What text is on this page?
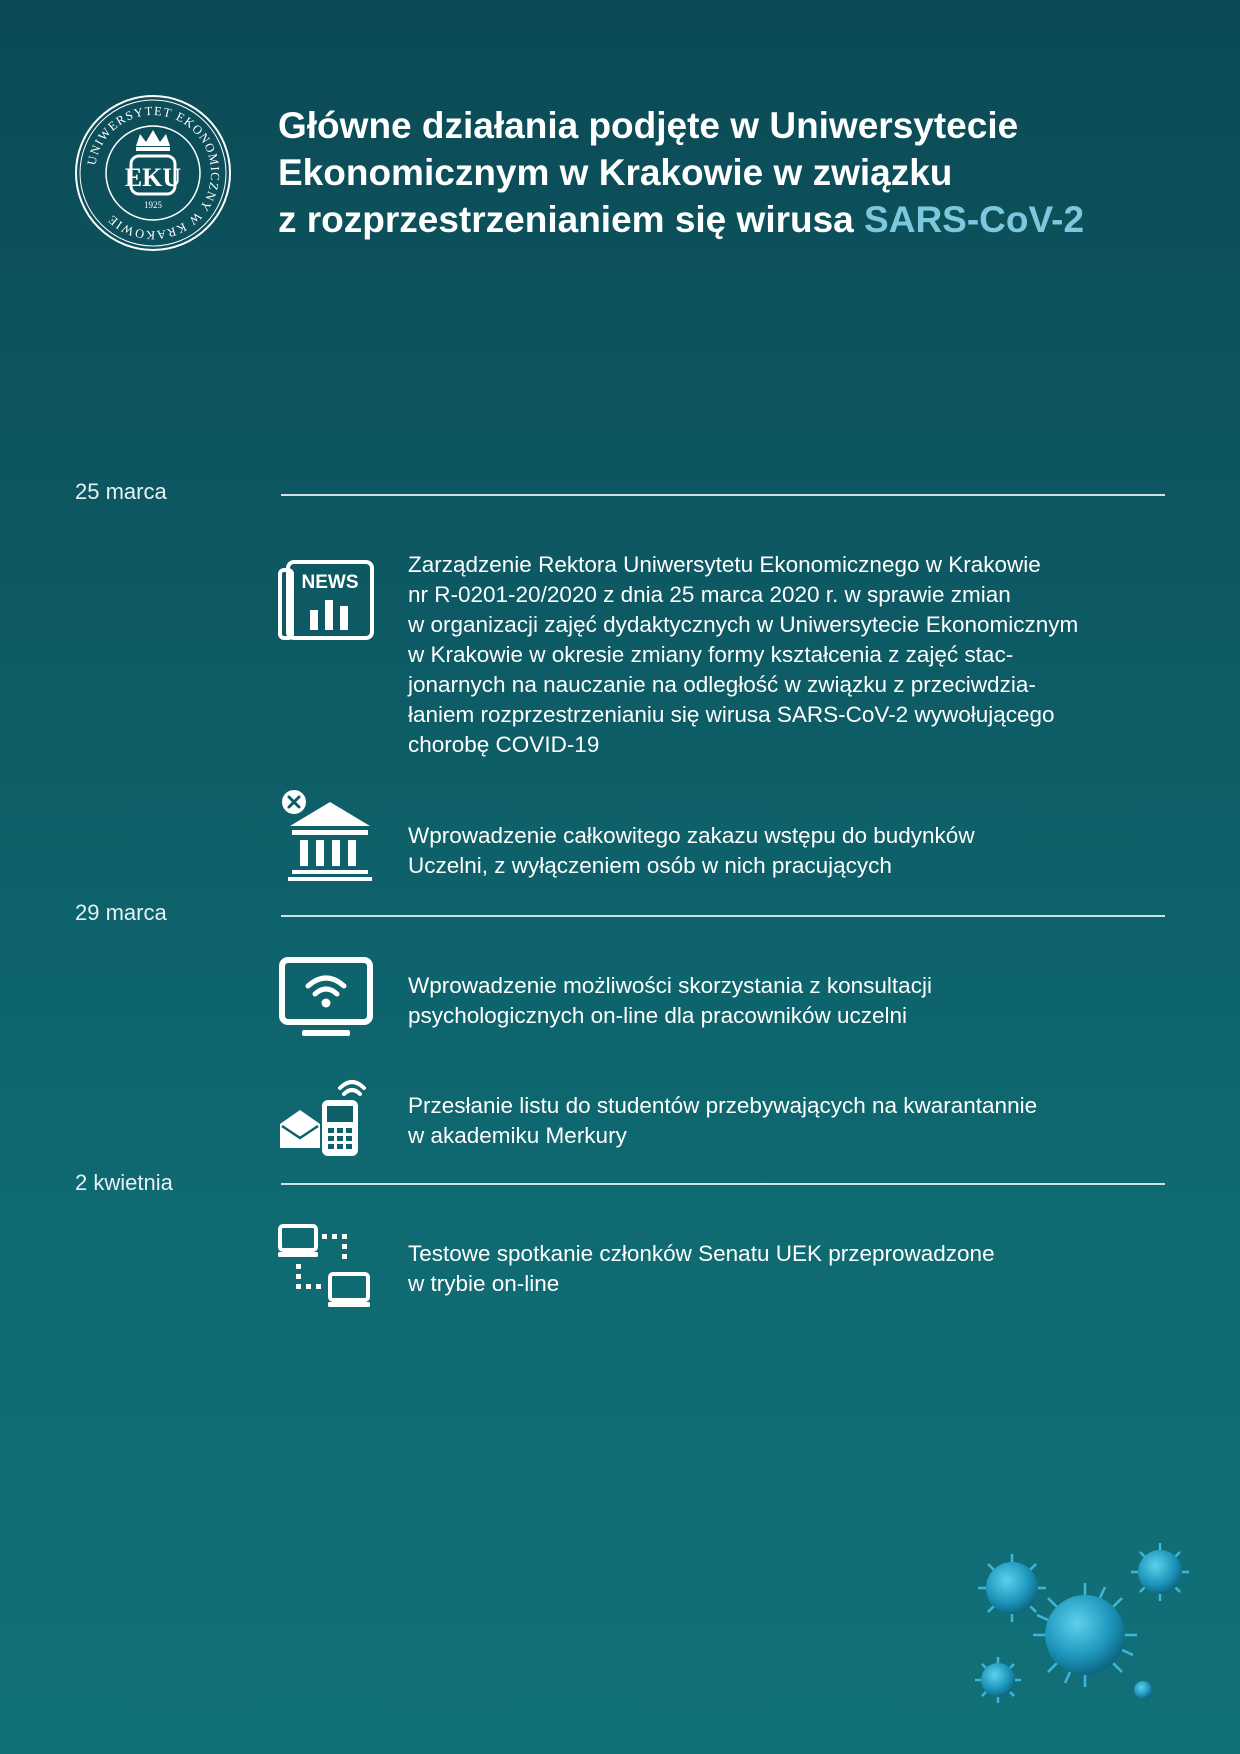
UNIWERSYTET EKONOMICZNY W KRAKOWIE
EKU
1925
Główne działania podjęte w Uniwersytecie
Ekonomicznym w Krakowie w związku
z rozprzestrzenianiem się wirusa SARS-CoV-2
25 marca
NEWS
Zarządzenie Rektora Uniwersytetu Ekonomicznego w Krakowie
nr R-0201-20/2020 z dnia 25 marca 2020 r. w sprawie zmian
w organizacji zajęć dydaktycznych w Uniwersytecie Ekonomicznym
w Krakowie w okresie zmiany formy kształcenia z zajęć stac-
jonarnych na nauczanie na odległość w związku z przeciwdzia-
łaniem rozprzestrzenianiu się wirusa SARS-CoV-2 wywołującego
chorobę COVID-19
Wprowadzenie całkowitego zakazu wstępu do budynków
Uczelni, z wyłączeniem osób w nich pracujących
29 marca
Wprowadzenie możliwości skorzystania z konsultacji
psychologicznych on-line dla pracowników uczelni
Przesłanie listu do studentów przebywających na kwarantannie
w akademiku Merkury
2 kwietnia
Testowe spotkanie członków Senatu UEK przeprowadzone
w trybie on-line
